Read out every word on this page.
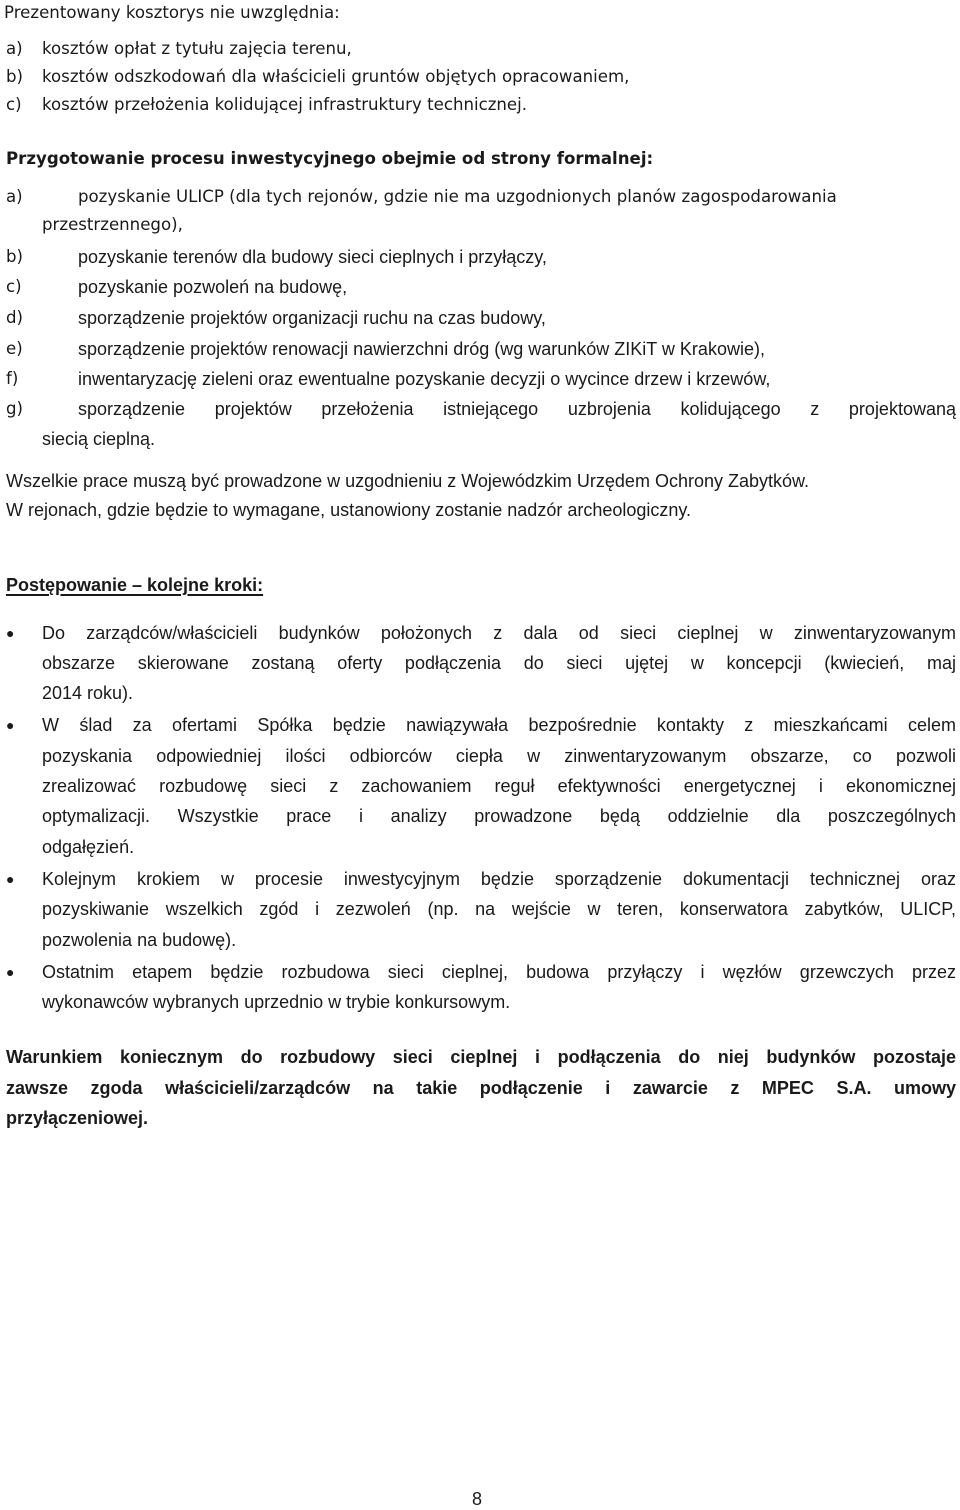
Prezentowany kosztorys nie uwzględnia:
a) kosztów opłat z tytułu zajęcia terenu,
b) kosztów odszkodowań dla właścicieli gruntów objętych opracowaniem,
c) kosztów przełożenia kolidującej infrastruktury technicznej.
Przygotowanie procesu inwestycyjnego obejmie od strony formalnej:
a)	pozyskanie ULICP (dla tych rejonów, gdzie nie ma uzgodnionych planów zagospodarowania
przestrzennego),
b)	pozyskanie terenów dla budowy sieci cieplnych i przyłączy,
c)	pozyskanie pozwoleń na budowę,
d)	sporządzenie projektów organizacji ruchu na czas budowy,
e)	sporządzenie projektów renowacji nawierzchni dróg (wg warunków ZIKiT w Krakowie),
f)	inwentaryzację zieleni oraz ewentualne pozyskanie decyzji o wycince drzew i krzewów,
g)	sporządzenie projektów przełożenia istniejącego uzbrojenia kolidującego z projektowaną
siecią cieplną.
Wszelkie prace muszą być prowadzone w uzgodnieniu z Wojewódzkim Urzędem Ochrony Zabytków.
W rejonach, gdzie będzie to wymagane, ustanowiony zostanie nadzór archeologiczny.
Postępowanie – kolejne kroki:
● Do zarządców/właścicieli budynków położonych z dala od sieci cieplnej w zinwentaryzowanym
obszarze skierowane zostaną oferty podłączenia do sieci ujętej w koncepcji (kwiecień, maj
2014 roku).
● W ślad za ofertami Spółka będzie nawiązywała bezpośrednie kontakty z mieszkańcami celem
pozyskania odpowiedniej ilości odbiorców ciepła w zinwentaryzowanym obszarze, co pozwoli
zrealizować rozbudowę sieci z zachowaniem reguł efektywności energetycznej i ekonomicznej
optymalizacji. Wszystkie prace i analizy prowadzone będą oddzielnie dla poszczególnych
odgałęzień.
● Kolejnym krokiem w procesie inwestycyjnym będzie sporządzenie dokumentacji technicznej oraz
pozyskiwanie wszelkich zgód i zezwoleń (np. na wejście w teren, konserwatora zabytków, ULICP,
pozwolenia na budowę).
● Ostatnim etapem będzie rozbudowa sieci cieplnej, budowa przyłączy i węzłów grzewczych przez
wykonawców wybranych uprzednio w trybie konkursowym.
Warunkiem koniecznym do rozbudowy sieci cieplnej i podłączenia do niej budynków pozostaje
zawsze zgoda właścicieli/zarządców na takie podłączenie i zawarcie z MPEC S.A. umowy
przyłączeniowej.
8
